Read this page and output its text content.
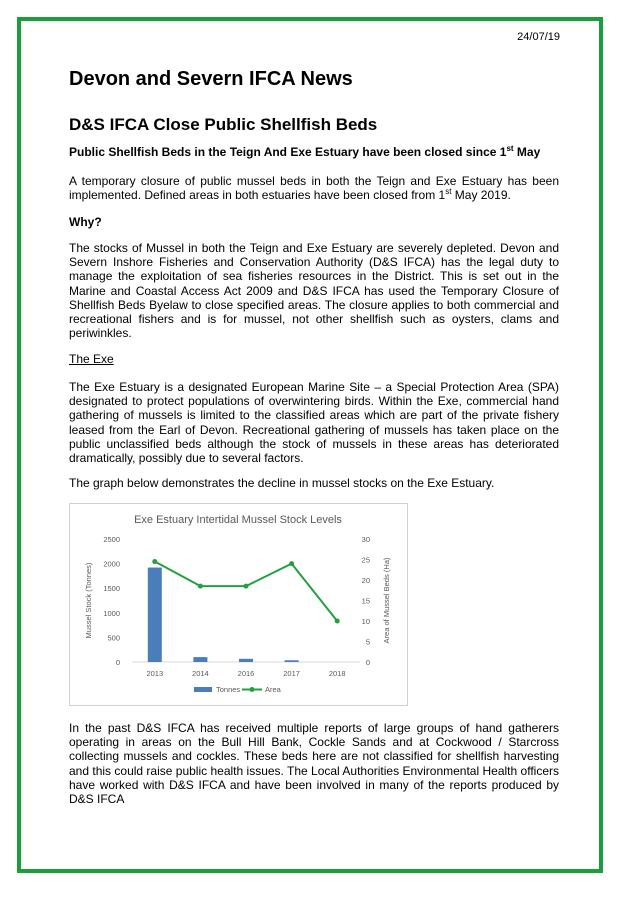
24/07/19
Devon and Severn IFCA News
D&S IFCA Close Public Shellfish Beds
Public Shellfish Beds in the Teign And Exe Estuary have been closed since 1st May
A temporary closure of public mussel beds in both the Teign and Exe Estuary has been implemented. Defined areas in both estuaries have been closed from 1st May 2019.
Why?
The stocks of Mussel in both the Teign and Exe Estuary are severely depleted. Devon and Severn Inshore Fisheries and Conservation Authority (D&S IFCA) has the legal duty to manage the exploitation of sea fisheries resources in the District. This is set out in the Marine and Coastal Access Act 2009 and D&S IFCA has used the Temporary Closure of Shellfish Beds Byelaw to close specified areas. The closure applies to both commercial and recreational fishers and is for mussel, not other shellfish such as oysters, clams and periwinkles.
The Exe
The Exe Estuary is a designated European Marine Site – a Special Protection Area (SPA) designated to protect populations of overwintering birds. Within the Exe, commercial hand gathering of mussels is limited to the classified areas which are part of the private fishery leased from the Earl of Devon. Recreational gathering of mussels has taken place on the public unclassified beds although the stock of mussels in these areas has deteriorated dramatically, possibly due to several factors.
The graph below demonstrates the decline in mussel stocks on the Exe Estuary.
Exe Estuary Intertidal Mussel Stock Levels
0
500
1000
1500
2000
2500
0
5
10
15
20
25
30
2013	2014	2016	2017	2018
Mussel Stock (Tonnes)	Area of Mussel Beds (Ha)
Tonnes	Area
In the past D&S IFCA has received multiple reports of large groups of hand gatherers operating in areas on the Bull Hill Bank, Cockle Sands and at Cockwood / Starcross collecting mussels and cockles. These beds here are not classified for shellfish harvesting and this could raise public health issues. The Local Authorities Environmental Health officers have worked with D&S IFCA and have been involved in many of the reports produced by D&S IFCA
